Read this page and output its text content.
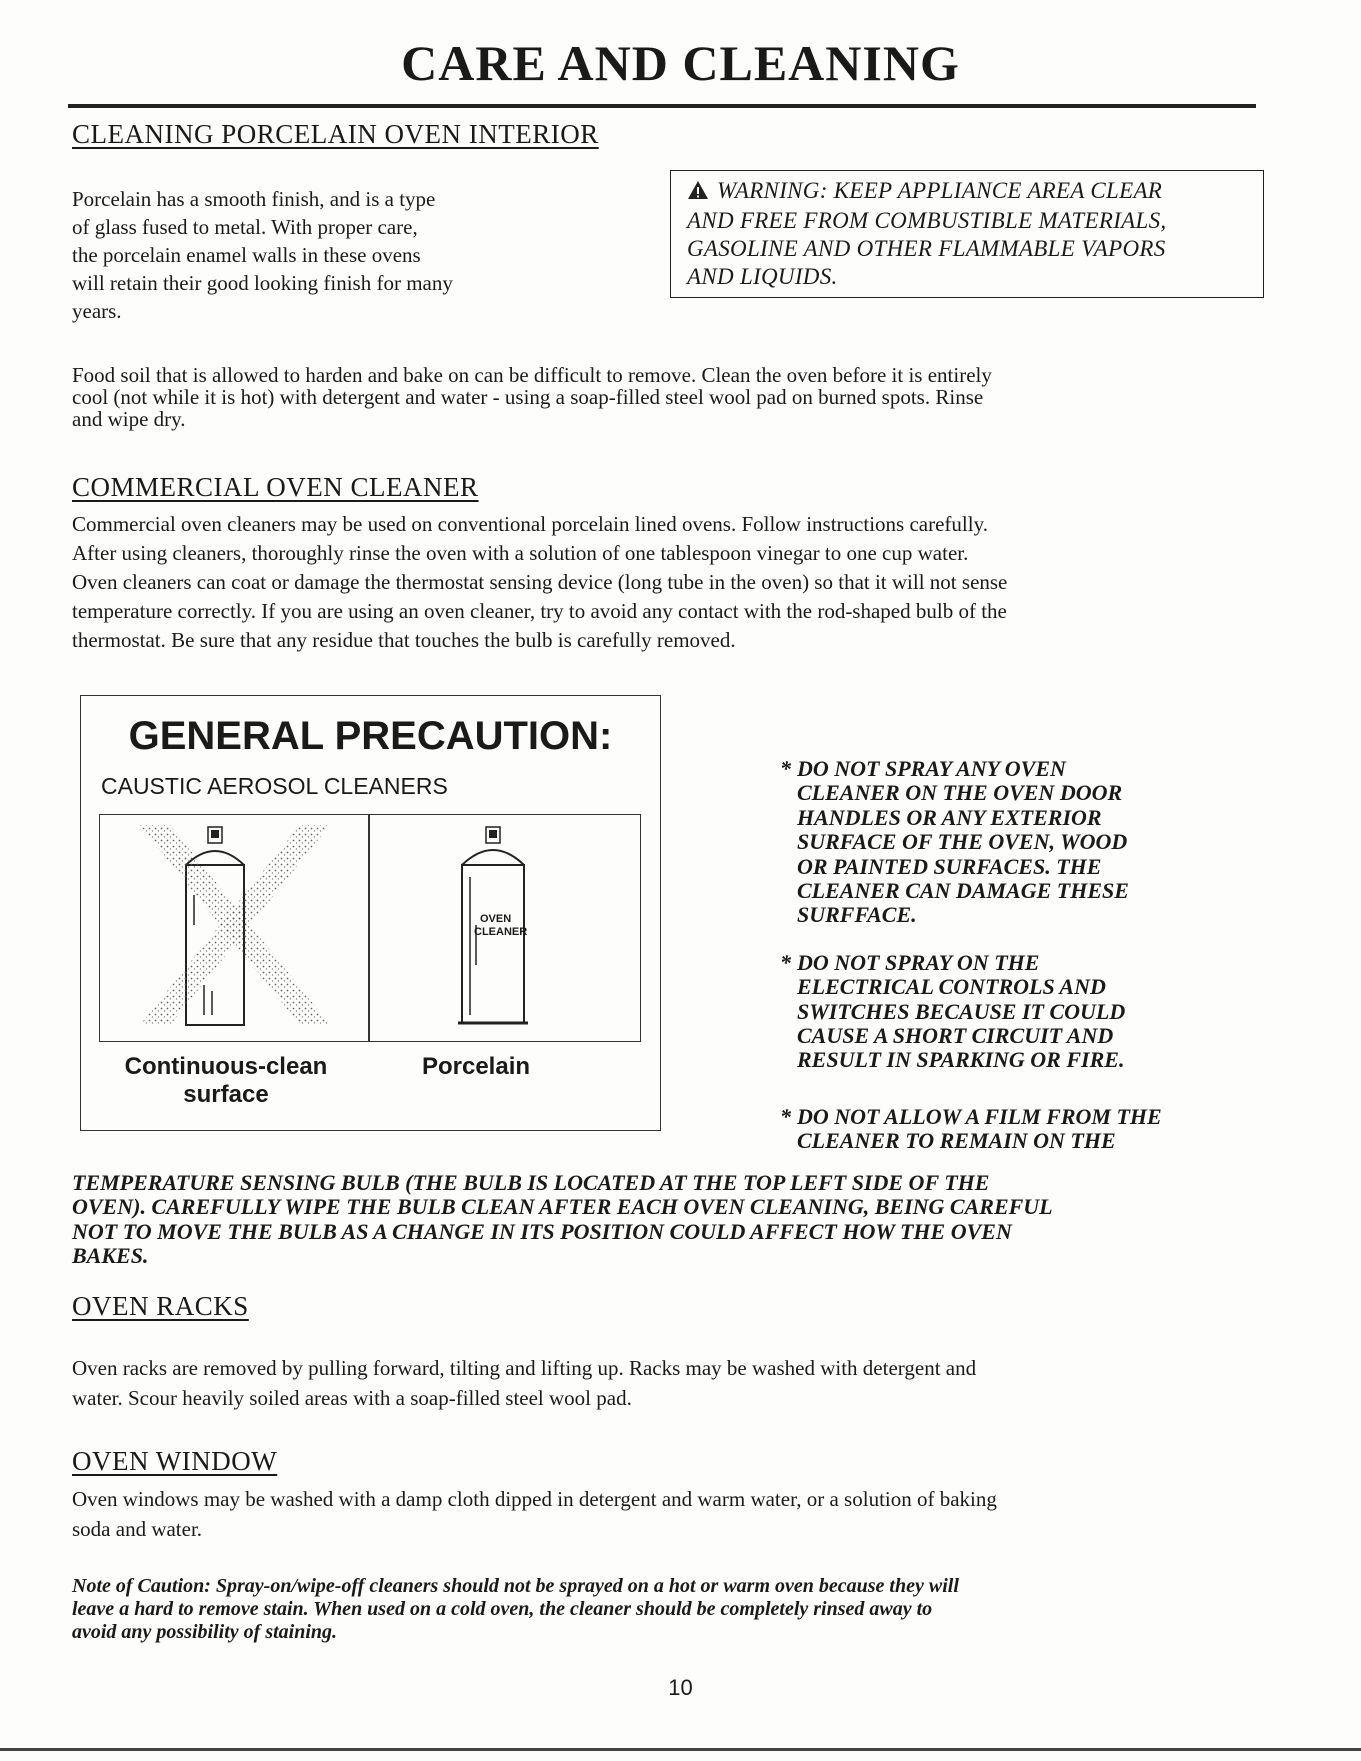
CARE AND CLEANING
CLEANING PORCELAIN OVEN INTERIOR
Porcelain has a smooth finish, and is a type
of glass fused to metal. With proper care,
the porcelain enamel walls in these ovens
will retain their good looking finish for many
years.
WARNING: KEEP APPLIANCE AREA CLEAR
AND FREE FROM COMBUSTIBLE MATERIALS,
GASOLINE AND OTHER FLAMMABLE VAPORS
AND LIQUIDS.
Food soil that is allowed to harden and bake on can be difficult to remove. Clean the oven before it is entirely
cool (not while it is hot) with detergent and water - using a soap-filled steel wool pad on burned spots. Rinse
and wipe dry.
COMMERCIAL OVEN CLEANER
Commercial oven cleaners may be used on conventional porcelain lined ovens. Follow instructions carefully.
After using cleaners, thoroughly rinse the oven with a solution of one tablespoon vinegar to one cup water.
Oven cleaners can coat or damage the thermostat sensing device (long tube in the oven) so that it will not sense
temperature correctly. If you are using an oven cleaner, try to avoid any contact with the rod-shaped bulb of the
thermostat. Be sure that any residue that touches the bulb is carefully removed.
GENERAL PRECAUTION:
CAUSTIC AEROSOL CLEANERS
OVEN
CLEANER
Continuous-clean
surface
Porcelain
* DO NOT SPRAY ANY OVEN
CLEANER ON THE OVEN DOOR
HANDLES OR ANY EXTERIOR
SURFACE OF THE OVEN, WOOD
OR PAINTED SURFACES. THE
CLEANER CAN DAMAGE THESE
SURFFACE.
* DO NOT SPRAY ON THE
ELECTRICAL CONTROLS AND
SWITCHES BECAUSE IT COULD
CAUSE A SHORT CIRCUIT AND
RESULT IN SPARKING OR FIRE.
* DO NOT ALLOW A FILM FROM THE
CLEANER TO REMAIN ON THE
TEMPERATURE SENSING BULB (THE BULB IS LOCATED AT THE TOP LEFT SIDE OF THE
OVEN). CAREFULLY WIPE THE BULB CLEAN AFTER EACH OVEN CLEANING, BEING CAREFUL
NOT TO MOVE THE BULB AS A CHANGE IN ITS POSITION COULD AFFECT HOW THE OVEN
BAKES.
OVEN RACKS
Oven racks are removed by pulling forward, tilting and lifting up. Racks may be washed with detergent and
water. Scour heavily soiled areas with a soap-filled steel wool pad.
OVEN WINDOW
Oven windows may be washed with a damp cloth dipped in detergent and warm water, or a solution of baking
soda and water.
Note of Caution: Spray-on/wipe-off cleaners should not be sprayed on a hot or warm oven because they will
leave a hard to remove stain. When used on a cold oven, the cleaner should be completely rinsed away to
avoid any possibility of staining.
10
